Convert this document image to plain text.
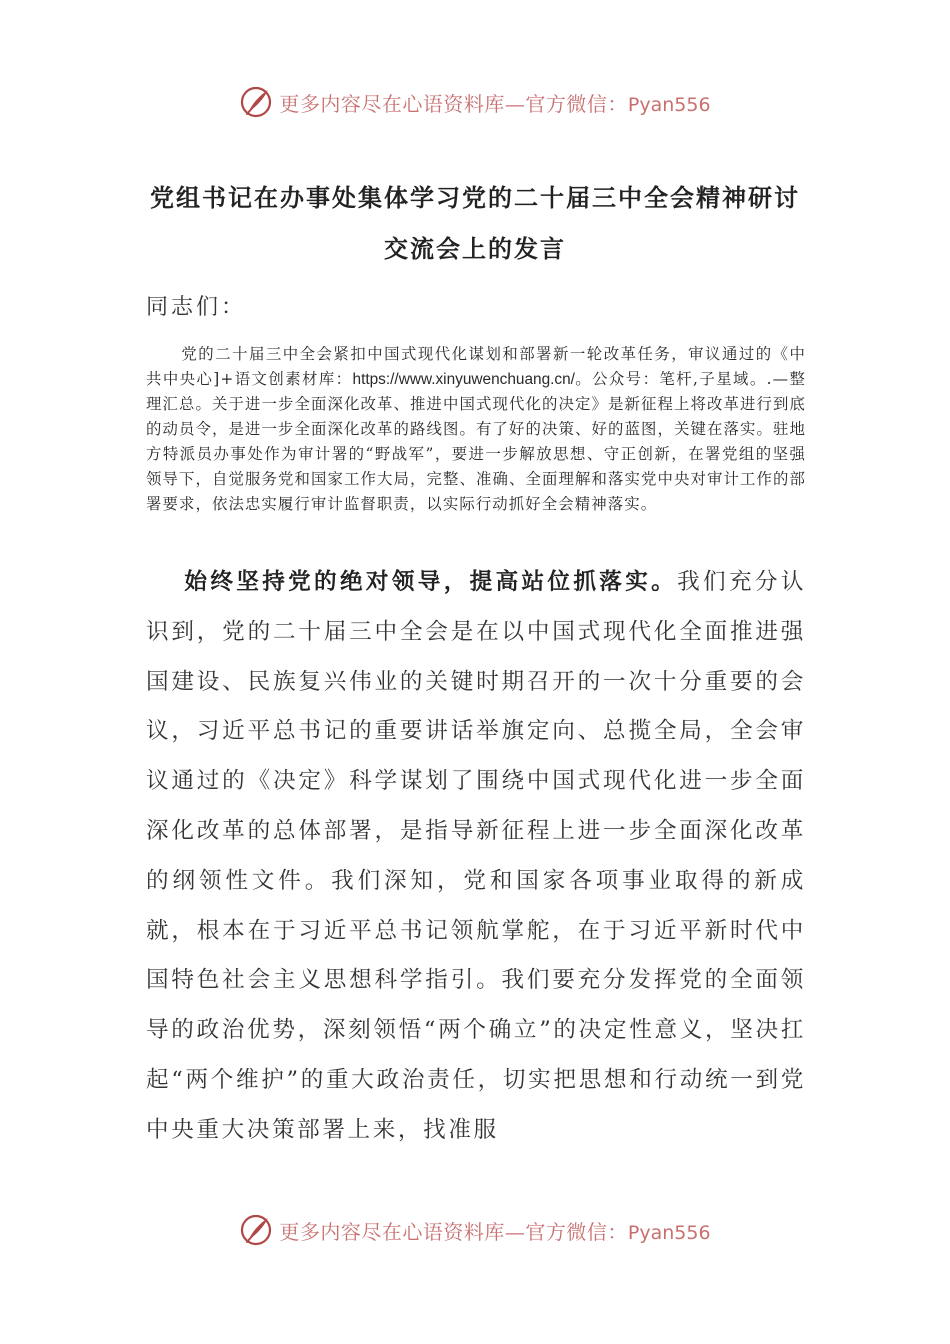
更多内容尽在心语资料库—官方微信：Pyan556
党组书记在办事处集体学习党的二十届三中全会精神研讨
交流会上的发言
同志们：
党的二十届三中全会紧扣中国式现代化谋划和部署新一轮改革任务，审议通过的《中共中央心]+语文创素材库：https://www.xinyuwenchuang.cn/。公众号：笔杆,子星域。.—整理汇总。关于进一步全面深化改革、推进中国式现代化的决定》是新征程上将改革进行到底的动员令，是进一步全面深化改革的路线图。有了好的决策、好的蓝图，关键在落实。驻地方特派员办事处作为审计署的“野战军”，要进一步解放思想、守正创新，在署党组的坚强领导下，自觉服务党和国家工作大局，完整、准确、全面理解和落实党中央对审计工作的部署要求，依法忠实履行审计监督职责，以实际行动抓好全会精神落实。
始终坚持党的绝对领导，提高站位抓落实。我们充分认识到，党的二十届三中全会是在以中国式现代化全面推进强国建设、民族复兴伟业的关键时期召开的一次十分重要的会议，习近平总书记的重要讲话举旗定向、总揽全局，全会审议通过的《决定》科学谋划了围绕中国式现代化进一步全面深化改革的总体部署，是指导新征程上进一步全面深化改革的纲领性文件。我们深知，党和国家各项事业取得的新成就，根本在于习近平总书记领航掌舵，在于习近平新时代中国特色社会主义思想科学指引。我们要充分发挥党的全面领导的政治优势，深刻领悟“两个确立”的决定性意义，坚决扛起“两个维护”的重大政治责任，切实把思想和行动统一到党中央重大决策部署上来，找准服
更多内容尽在心语资料库—官方微信：Pyan556
